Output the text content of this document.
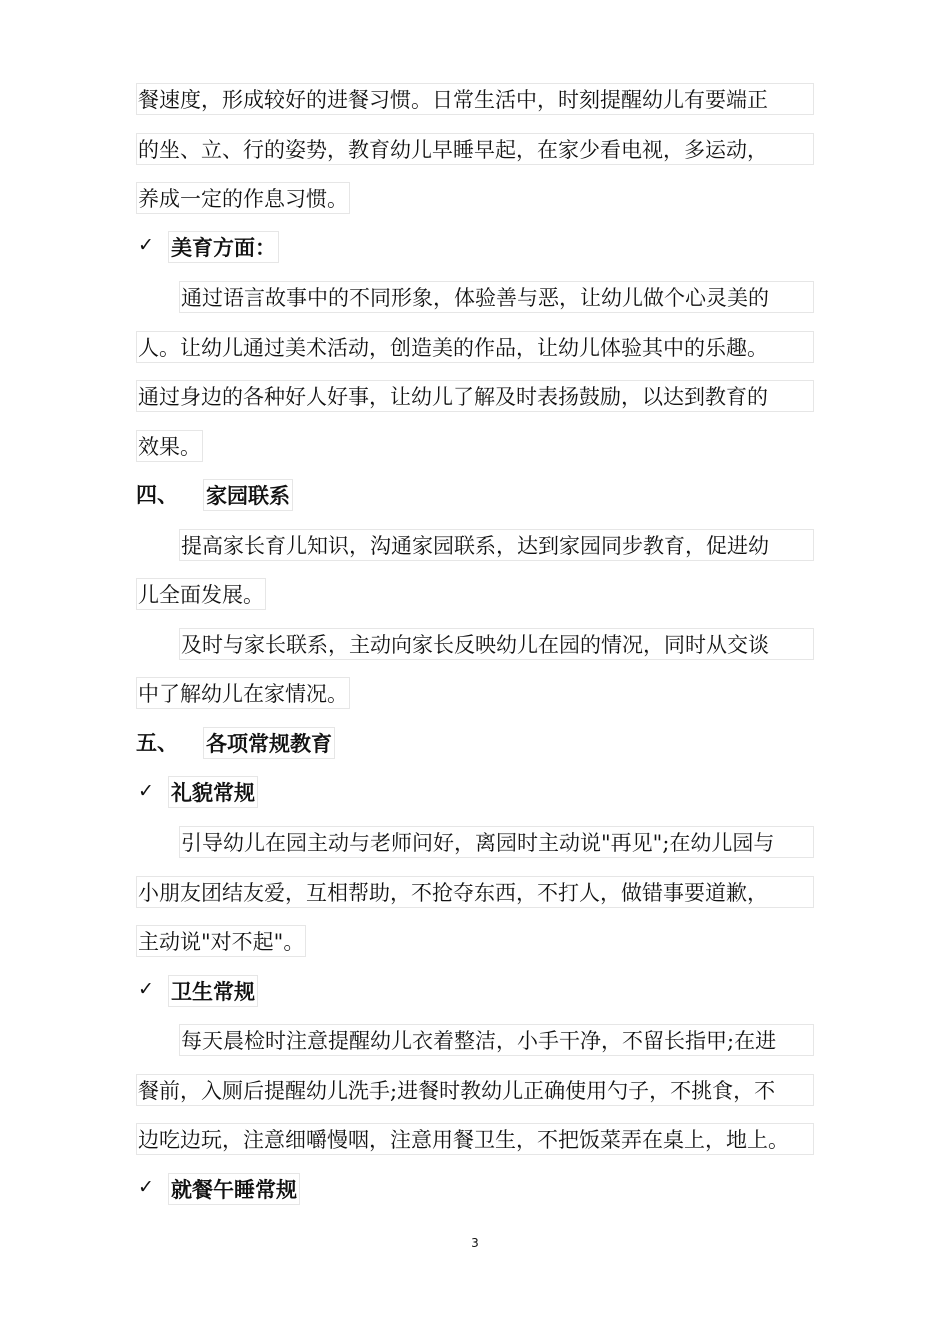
餐速度，形成较好的进餐习惯。日常生活中，时刻提醒幼儿有要端正
的坐、立、行的姿势，教育幼儿早睡早起，在家少看电视，多运动，
养成一定的作息习惯。
✓ 美育方面：
通过语言故事中的不同形象，体验善与恶，让幼儿做个心灵美的
人。让幼儿通过美术活动，创造美的作品，让幼儿体验其中的乐趣。
通过身边的各种好人好事，让幼儿了解及时表扬鼓励，以达到教育的
效果。
四、 家园联系
提高家长育儿知识，沟通家园联系，达到家园同步教育，促进幼
儿全面发展。
及时与家长联系，主动向家长反映幼儿在园的情况，同时从交谈
中了解幼儿在家情况。
五、 各项常规教育
✓ 礼貌常规
引导幼儿在园主动与老师问好，离园时主动说"再见";在幼儿园与
小朋友团结友爱，互相帮助，不抢夺东西，不打人，做错事要道歉，
主动说"对不起"。
✓ 卫生常规
每天晨检时注意提醒幼儿衣着整洁，小手干净，不留长指甲;在进
餐前，入厕后提醒幼儿洗手;进餐时教幼儿正确使用勺子，不挑食，不
边吃边玩，注意细嚼慢咽，注意用餐卫生，不把饭菜弄在桌上，地上。
✓ 就餐午睡常规
3
